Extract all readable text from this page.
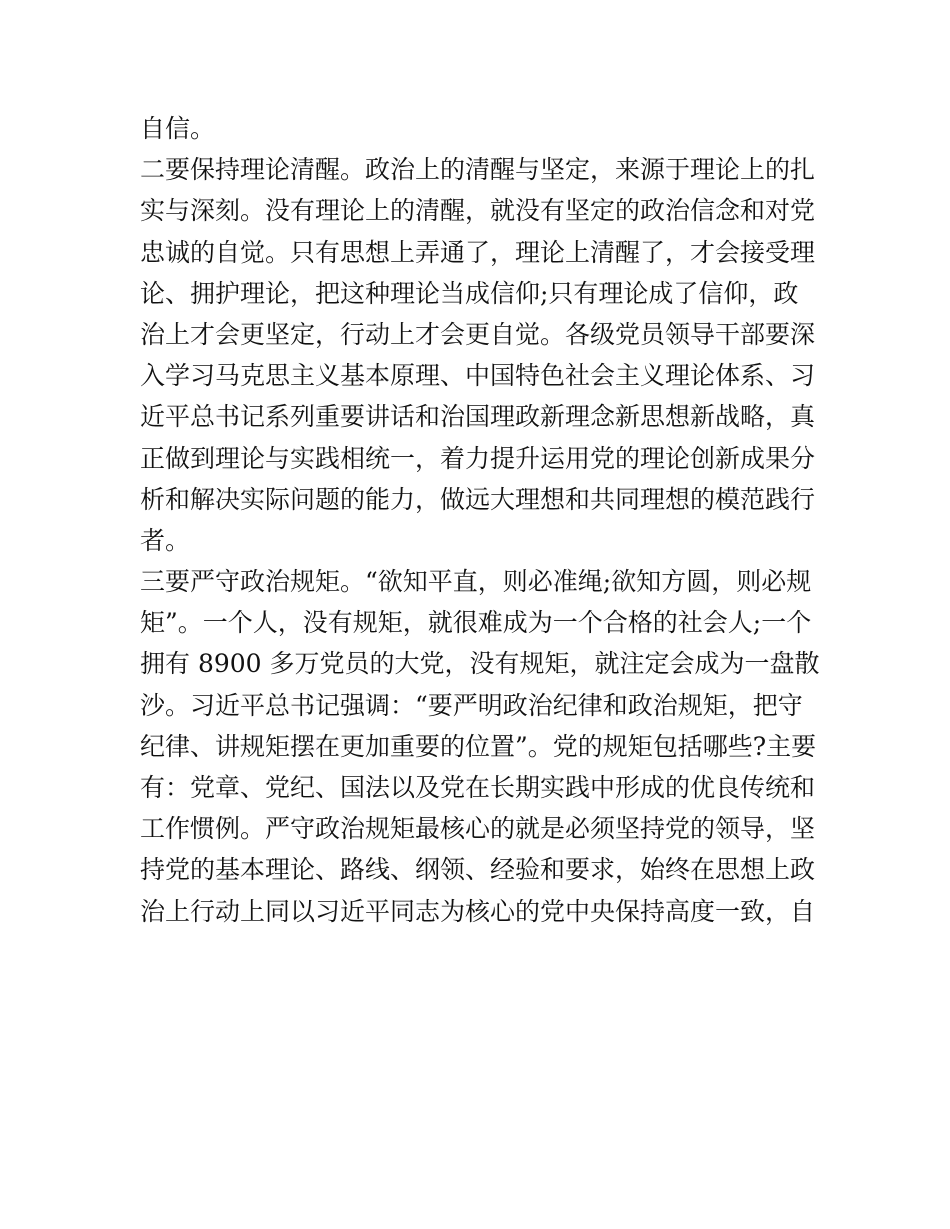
自信。
二要保持理论清醒。政治上的清醒与坚定，来源于理论上的扎
实与深刻。没有理论上的清醒，就没有坚定的政治信念和对党
忠诚的自觉。只有思想上弄通了，理论上清醒了，才会接受理
论、拥护理论，把这种理论当成信仰;只有理论成了信仰，政
治上才会更坚定，行动上才会更自觉。各级党员领导干部要深
入学习马克思主义基本原理、中国特色社会主义理论体系、习
近平总书记系列重要讲话和治国理政新理念新思想新战略，真
正做到理论与实践相统一，着力提升运用党的理论创新成果分
析和解决实际问题的能力，做远大理想和共同理想的模范践行
者。
三要严守政治规矩。“欲知平直，则必准绳;欲知方圆，则必规
矩”。一个人，没有规矩，就很难成为一个合格的社会人;一个
拥有 8900 多万党员的大党，没有规矩，就注定会成为一盘散
沙。习近平总书记强调：“要严明政治纪律和政治规矩，把守
纪律、讲规矩摆在更加重要的位置”。党的规矩包括哪些?主要
有：党章、党纪、国法以及党在长期实践中形成的优良传统和
工作惯例。严守政治规矩最核心的就是必须坚持党的领导，坚
持党的基本理论、路线、纲领、经验和要求，始终在思想上政
治上行动上同以习近平同志为核心的党中央保持高度一致，自
